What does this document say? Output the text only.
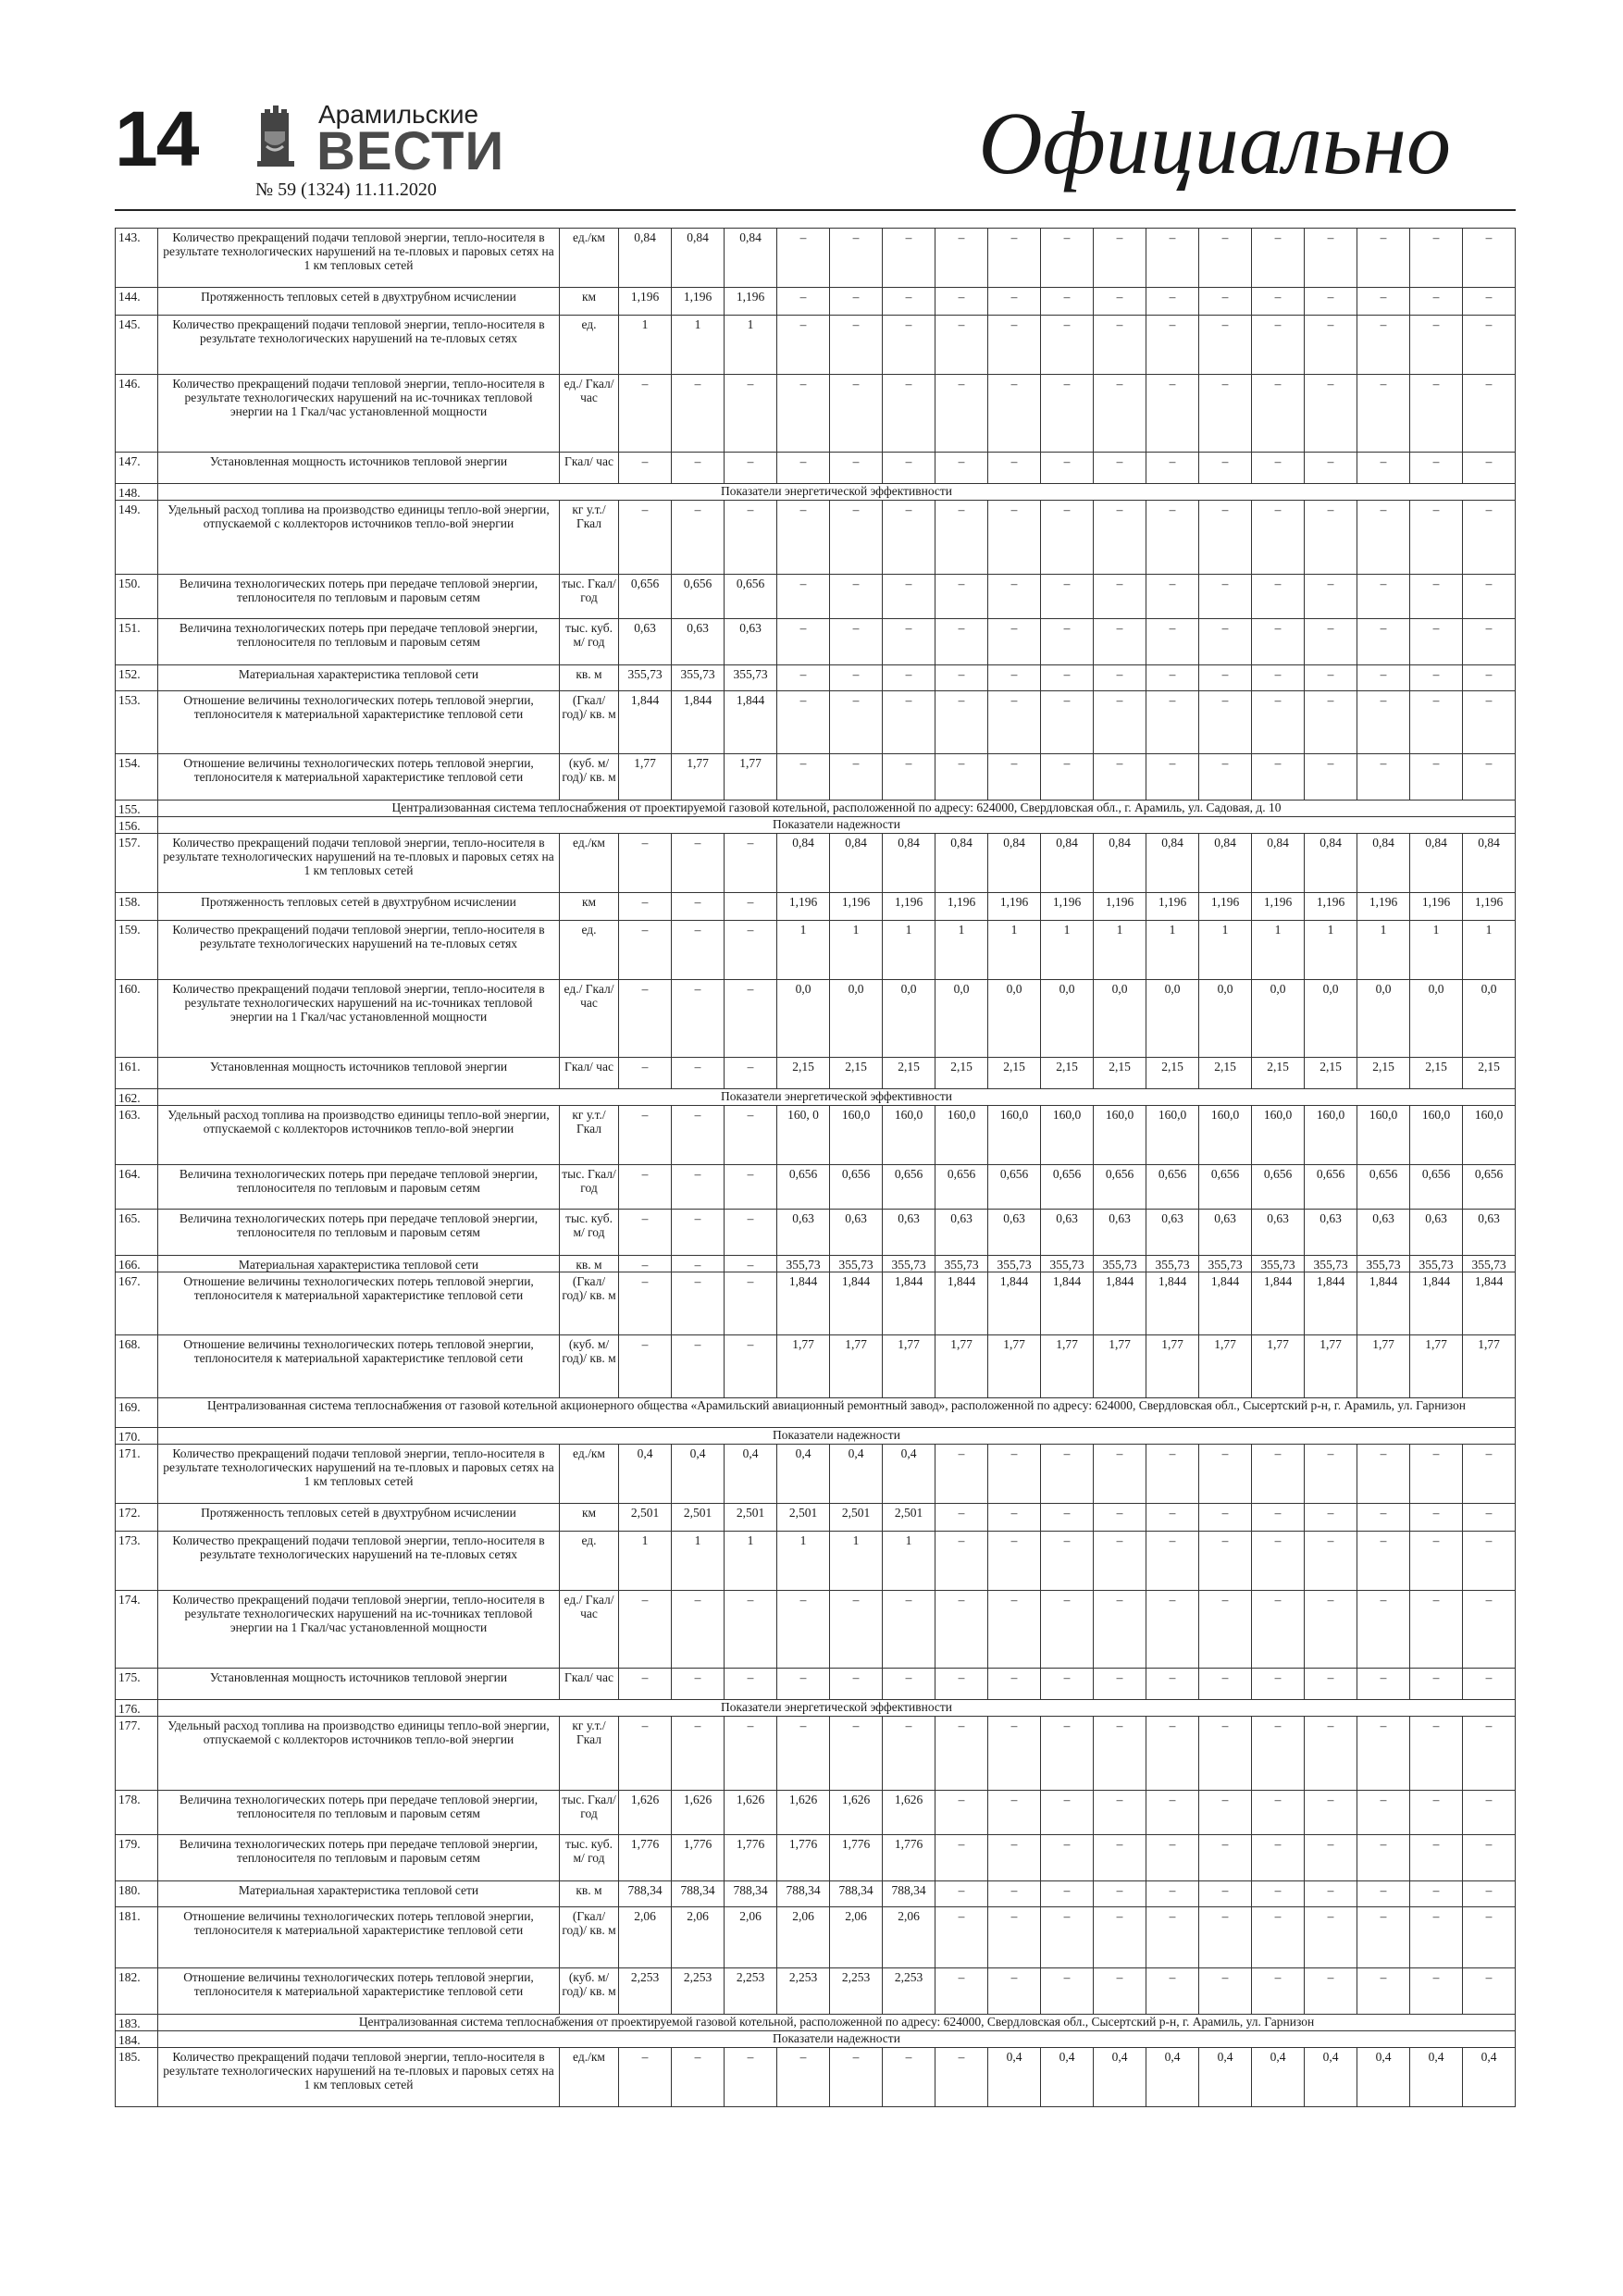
14	Арамильские
ВЕСТИ
№ 59 (1324) 11.11.2020	Официально
143.	Количество прекращений подачи тепловой энергии, тепло-носителя в результате технологических нарушений на те-пловых и паровых сетях на 1 км тепловых сетей	ед./км	0,84	0,84	0,84	–	–	–	–	–	–	–	–	–	–	–	–	–	–
144.	Протяженность тепловых сетей в двухтрубном исчислении	км	1,196	1,196	1,196	–	–	–	–	–	–	–	–	–	–	–	–	–	–
145.	Количество прекращений подачи тепловой энергии, тепло-носителя в результате технологических нарушений на те-пловых сетях	ед.	1	1	1	–	–	–	–	–	–	–	–	–	–	–	–	–	–
146.	Количество прекращений подачи тепловой энергии, тепло-носителя в результате технологических нарушений на ис-точниках тепловой энергии на 1 Гкал/час установленной мощности	ед./ Гкал/ час	–	–	–	–	–	–	–	–	–	–	–	–	–	–	–	–	–
147.	Установленная мощность источников тепловой энергии	Гкал/ час	–	–	–	–	–	–	–	–	–	–	–	–	–	–	–	–	–
148.	Показатели энергетической эффективности																		
149.	Удельный расход топлива на производство единицы тепло-вой энергии, отпускаемой с коллекторов источников тепло-вой энергии	кг у.т./ Гкал	–	–	–	–	–	–	–	–	–	–	–	–	–	–	–	–	–
150.	Величина технологических потерь при передаче тепловой энергии, теплоносителя по тепловым и паровым сетям	тыс. Гкал/ год	0,656	0,656	0,656	–	–	–	–	–	–	–	–	–	–	–	–	–	–
151.	Величина технологических потерь при передаче тепловой энергии, теплоносителя по тепловым и паровым сетям	тыс. куб. м/ год	0,63	0,63	0,63	–	–	–	–	–	–	–	–	–	–	–	–	–	–
152.	Материальная характеристика тепловой сети	кв. м	355,73	355,73	355,73	–	–	–	–	–	–	–	–	–	–	–	–	–	–
153.	Отношение величины технологических потерь тепловой энергии, теплоносителя к материальной характеристике тепловой сети	(Гкал/ год)/ кв. м	1,844	1,844	1,844	–	–	–	–	–	–	–	–	–	–	–	–	–	–
154.	Отношение величины технологических потерь тепловой энергии, теплоносителя к материальной характеристике тепловой сети	(куб. м/ год)/ кв. м	1,77	1,77	1,77	–	–	–	–	–	–	–	–	–	–	–	–	–	–
155.	Централизованная система теплоснабжения от проектируемой газовой котельной, расположенной по адресу: 624000, Свердловская обл., г. Арамиль, ул. Садовая, д. 10																		
156.	Показатели надежности																		
157.	Количество прекращений подачи тепловой энергии, тепло-носителя в результате технологических нарушений на те-пловых и паровых сетях на 1 км тепловых сетей	ед./км	–	–	–	0,84	0,84	0,84	0,84	0,84	0,84	0,84	0,84	0,84	0,84	0,84	0,84	0,84	0,84
158.	Протяженность тепловых сетей в двухтрубном исчислении	км	–	–	–	1,196	1,196	1,196	1,196	1,196	1,196	1,196	1,196	1,196	1,196	1,196	1,196	1,196	1,196
159.	Количество прекращений подачи тепловой энергии, тепло-носителя в результате технологических нарушений на те-пловых сетях	ед.	–	–	–	1	1	1	1	1	1	1	1	1	1	1	1	1	1
160.	Количество прекращений подачи тепловой энергии, тепло-носителя в результате технологических нарушений на ис-точниках тепловой энергии на 1 Гкал/час установленной мощности	ед./ Гкал/ час	–	–	–	0,0	0,0	0,0	0,0	0,0	0,0	0,0	0,0	0,0	0,0	0,0	0,0	0,0	0,0
161.	Установленная мощность источников тепловой энергии	Гкал/ час	–	–	–	2,15	2,15	2,15	2,15	2,15	2,15	2,15	2,15	2,15	2,15	2,15	2,15	2,15	2,15
162.	Показатели энергетической эффективности																		
163.	Удельный расход топлива на производство единицы тепло-вой энергии, отпускаемой с коллекторов источников тепло-вой энергии	кг у.т./ Гкал	–	–	–	160, 0	160,0	160,0	160,0	160,0	160,0	160,0	160,0	160,0	160,0	160,0	160,0	160,0	160,0
164.	Величина технологических потерь при передаче тепловой энергии, теплоносителя по тепловым и паровым сетям	тыс. Гкал/ год	–	–	–	0,656	0,656	0,656	0,656	0,656	0,656	0,656	0,656	0,656	0,656	0,656	0,656	0,656	0,656
165.	Величина технологических потерь при передаче тепловой энергии, теплоносителя по тепловым и паровым сетям	тыс. куб. м/ год	–	–	–	0,63	0,63	0,63	0,63	0,63	0,63	0,63	0,63	0,63	0,63	0,63	0,63	0,63	0,63
166.	Материальная характеристика тепловой сети	кв. м	–	–	–	355,73	355,73	355,73	355,73	355,73	355,73	355,73	355,73	355,73	355,73	355,73	355,73	355,73	355,73
167.	Отношение величины технологических потерь тепловой энергии, теплоносителя к материальной характеристике тепловой сети	(Гкал/ год)/ кв. м	–	–	–	1,844	1,844	1,844	1,844	1,844	1,844	1,844	1,844	1,844	1,844	1,844	1,844	1,844	1,844
168.	Отношение величины технологических потерь тепловой энергии, теплоносителя к материальной характеристике тепловой сети	(куб. м/ год)/ кв. м	–	–	–	1,77	1,77	1,77	1,77	1,77	1,77	1,77	1,77	1,77	1,77	1,77	1,77	1,77	1,77
169.	Централизованная система теплоснабжения от газовой котельной акционерного общества «Арамильский авиационный ремонтный завод», расположенной по адресу: 624000, Свердловская обл., Сысертский р-н, г. Арамиль, ул. Гарнизон																		
170.	Показатели надежности																		
171.	Количество прекращений подачи тепловой энергии, тепло-носителя в результате технологических нарушений на те-пловых и паровых сетях на 1 км тепловых сетей	ед./км	0,4	0,4	0,4	0,4	0,4	0,4	–	–	–	–	–	–	–	–	–	–	–
172.	Протяженность тепловых сетей в двухтрубном исчислении	км	2,501	2,501	2,501	2,501	2,501	2,501	–	–	–	–	–	–	–	–	–	–	–
173.	Количество прекращений подачи тепловой энергии, тепло-носителя в результате технологических нарушений на те-пловых сетях	ед.	1	1	1	1	1	1	–	–	–	–	–	–	–	–	–	–	–
174.	Количество прекращений подачи тепловой энергии, тепло-носителя в результате технологических нарушений на ис-точниках тепловой энергии на 1 Гкал/час установленной мощности	ед./ Гкал/ час	–	–	–	–	–	–	–	–	–	–	–	–	–	–	–	–	–
175.	Установленная мощность источников тепловой энергии	Гкал/ час	–	–	–	–	–	–	–	–	–	–	–	–	–	–	–	–	–
176.	Показатели энергетической эффективности																		
177.	Удельный расход топлива на производство единицы тепло-вой энергии, отпускаемой с коллекторов источников тепло-вой энергии	кг у.т./ Гкал	–	–	–	–	–	–	–	–	–	–	–	–	–	–	–	–	–
178.	Величина технологических потерь при передаче тепловой энергии, теплоносителя по тепловым и паровым сетям	тыс. Гкал/ год	1,626	1,626	1,626	1,626	1,626	1,626	–	–	–	–	–	–	–	–	–	–	–
179.	Величина технологических потерь при передаче тепловой энергии, теплоносителя по тепловым и паровым сетям	тыс. куб. м/ год	1,776	1,776	1,776	1,776	1,776	1,776	–	–	–	–	–	–	–	–	–	–	–
180.	Материальная характеристика тепловой сети	кв. м	788,34	788,34	788,34	788,34	788,34	788,34	–	–	–	–	–	–	–	–	–	–	–
181.	Отношение величины технологических потерь тепловой энергии, теплоносителя к материальной характеристике тепловой сети	(Гкал/ год)/ кв. м	2,06	2,06	2,06	2,06	2,06	2,06	–	–	–	–	–	–	–	–	–	–	–
182.	Отношение величины технологических потерь тепловой энергии, теплоносителя к материальной характеристике тепловой сети	(куб. м/ год)/ кв. м	2,253	2,253	2,253	2,253	2,253	2,253	–	–	–	–	–	–	–	–	–	–	–
183.	Централизованная система теплоснабжения от проектируемой газовой котельной, расположенной по адресу: 624000, Свердловская обл., Сысертский р-н, г. Арамиль, ул. Гарнизон																		
184.	Показатели надежности																		
185.	Количество прекращений подачи тепловой энергии, тепло-носителя в результате технологических нарушений на те-пловых и паровых сетях на 1 км тепловых сетей	ед./км	–	–	–	–	–	–	–	0,4	0,4	0,4	0,4	0,4	0,4	0,4	0,4	0,4	0,4
